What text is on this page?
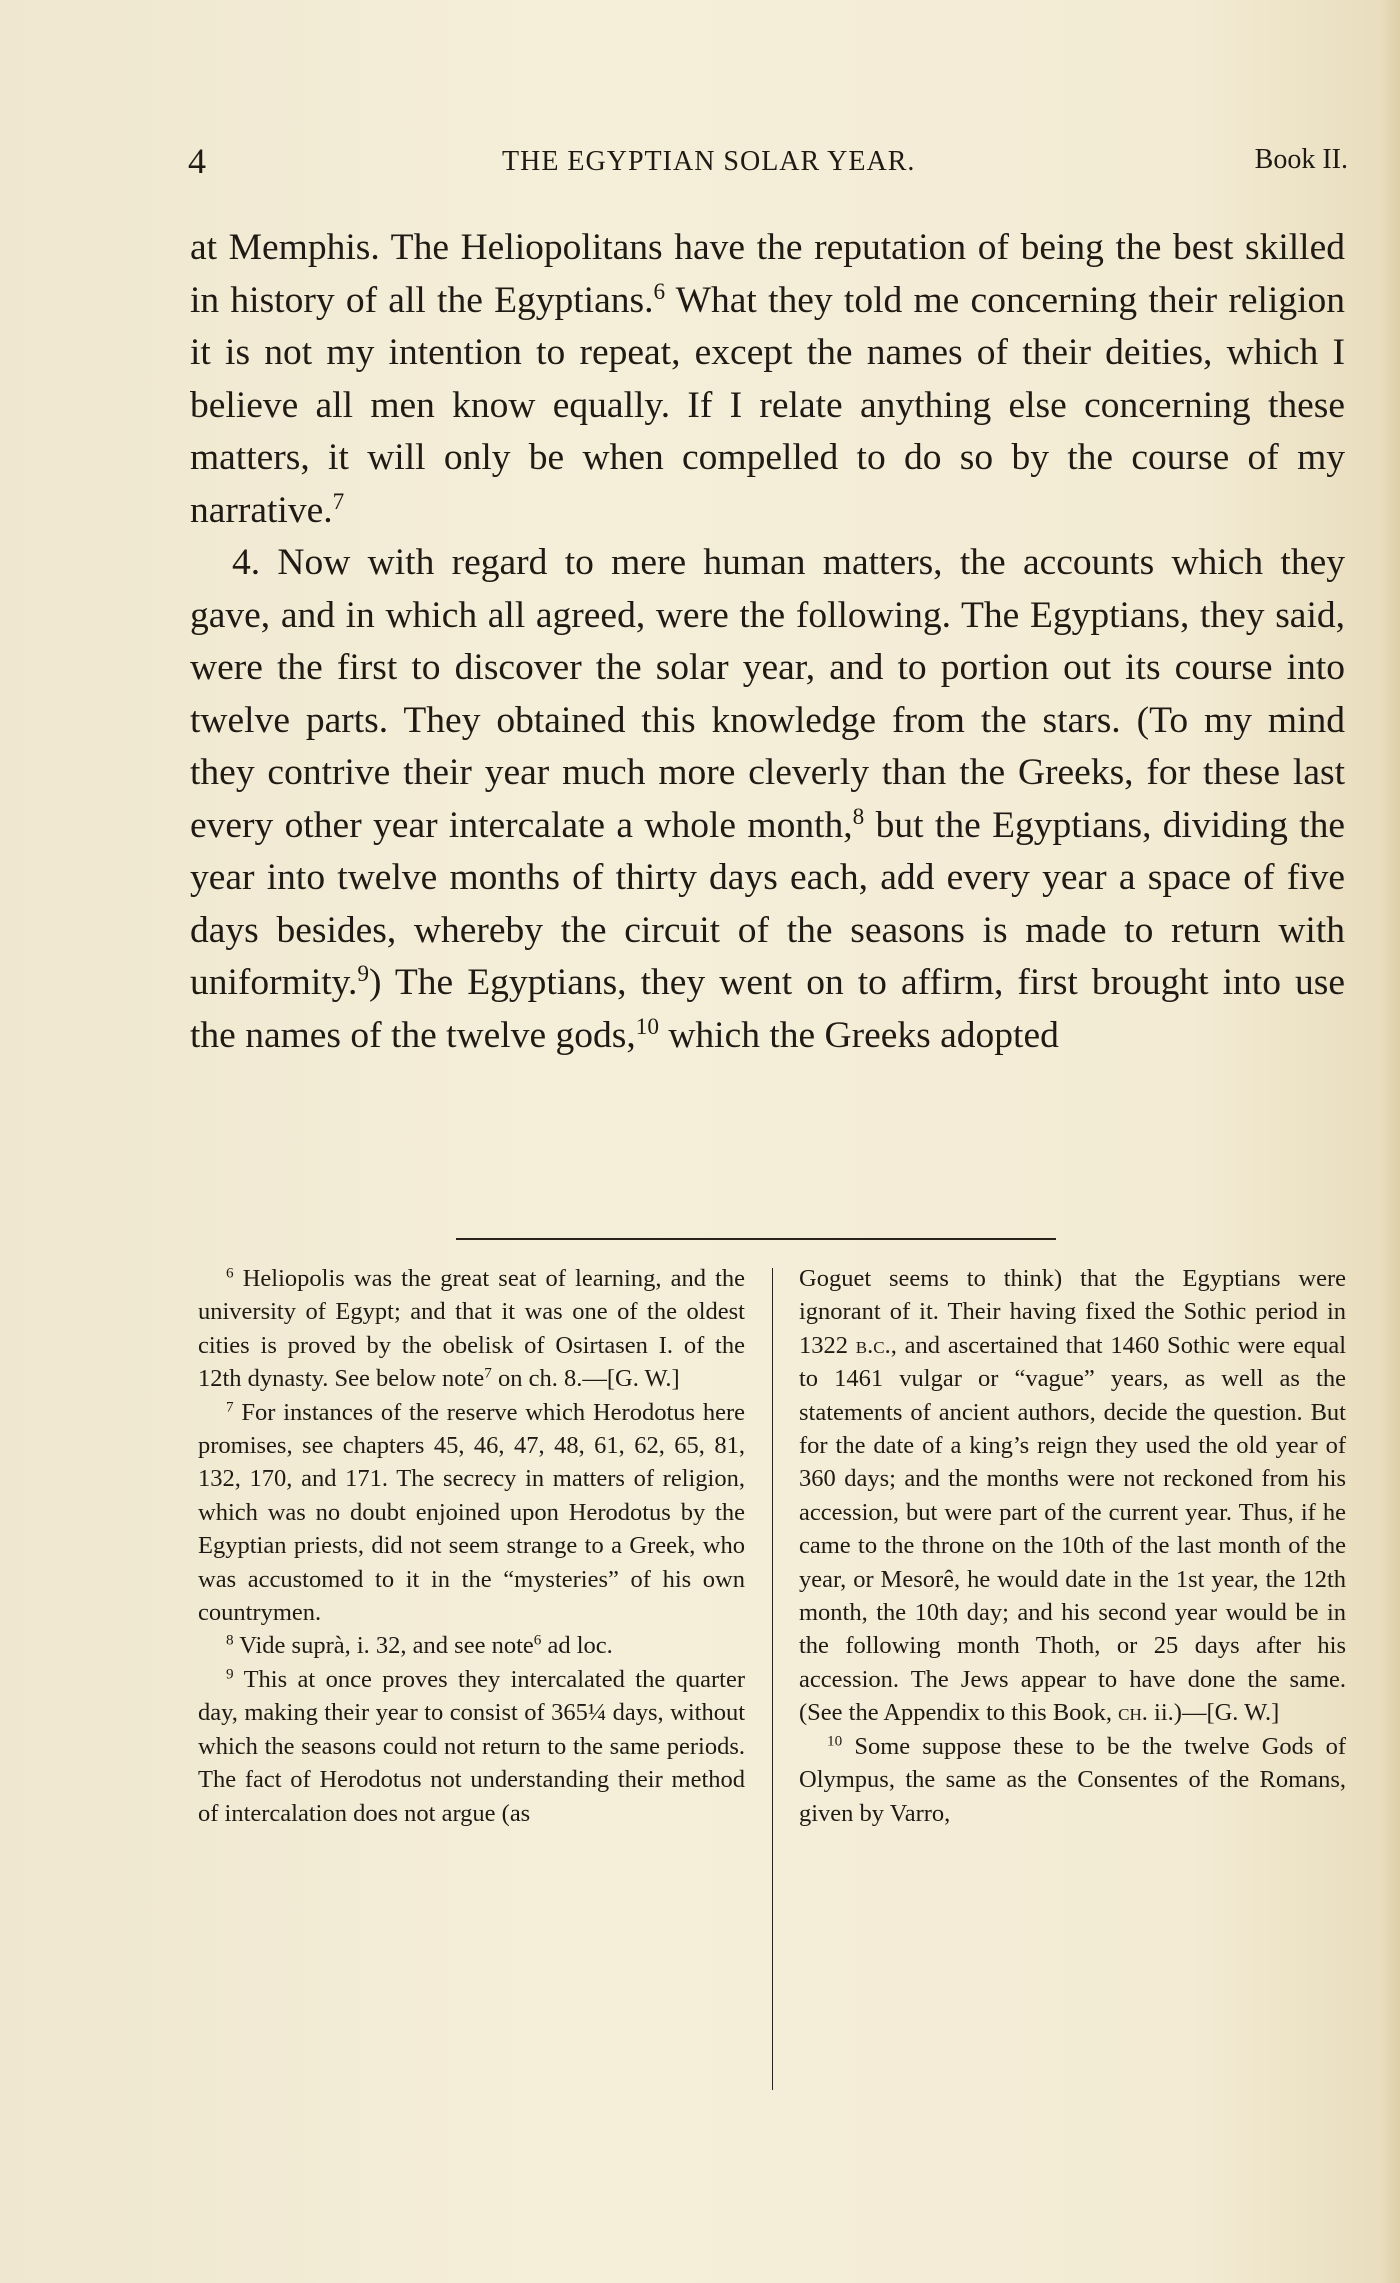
4	THE EGYPTIAN SOLAR YEAR.	Book II.

at Memphis. The Heliopolitans have the reputation of being the best skilled in history of all the Egyptians.$^6$ What they told me concerning their religion it is not my intention to repeat, except the names of their deities, which I believe all men know equally. If I relate anything else concerning these matters, it will only be when compelled to do so by the course of my narrative.$^7$

4. Now with regard to mere human matters, the accounts which they gave, and in which all agreed, were the following. The Egyptians, they said, were the first to discover the solar year, and to portion out its course into twelve parts. They obtained this knowledge from the stars. (To my mind they contrive their year much more cleverly than the Greeks, for these last every other year intercalate a whole month,$^8$ but the Egyptians, dividing the year into twelve months of thirty days each, add every year a space of five days besides, whereby the circuit of the seasons is made to return with uniformity.$^9$) The Egyptians, they went on to affirm, first brought into use the names of the twelve gods,$^{10}$ which the Greeks adopted

$^6$ Heliopolis was the great seat of learning, and the university of Egypt; and that it was one of the oldest cities is proved by the obelisk of Osirtasen I. of the 12th dynasty. See below note$^7$ on ch. 8.—[G. W.]

$^7$ For instances of the reserve which Herodotus here promises, see chapters 45, 46, 47, 48, 61, 62, 65, 81, 132, 170, and 171. The secrecy in matters of religion, which was no doubt enjoined upon Herodotus by the Egyptian priests, did not seem strange to a Greek, who was accustomed to it in the “mysteries” of his own countrymen.

$^8$ Vide suprà, i. 32, and see note$^6$ ad loc.

$^9$ This at once proves they intercalated the quarter day, making their year to consist of 365¼ days, without which the seasons could not return to the same periods. The fact of Herodotus not understanding their method of intercalation does not argue (as

Goguet seems to think) that the Egyptians were ignorant of it. Their having fixed the Sothic period in 1322 b.c., and ascertained that 1460 Sothic were equal to 1461 vulgar or “vague” years, as well as the statements of ancient authors, decide the question. But for the date of a king’s reign they used the old year of 360 days; and the months were not reckoned from his accession, but were part of the current year. Thus, if he came to the throne on the 10th of the last month of the year, or Mesorê, he would date in the 1st year, the 12th month, the 10th day; and his second year would be in the following month Thoth, or 25 days after his accession. The Jews appear to have done the same. (See the Appendix to this Book, ch. ii.)—[G. W.]

$^{10}$ Some suppose these to be the twelve Gods of Olympus, the same as the Consentes of the Romans, given by Varro,
